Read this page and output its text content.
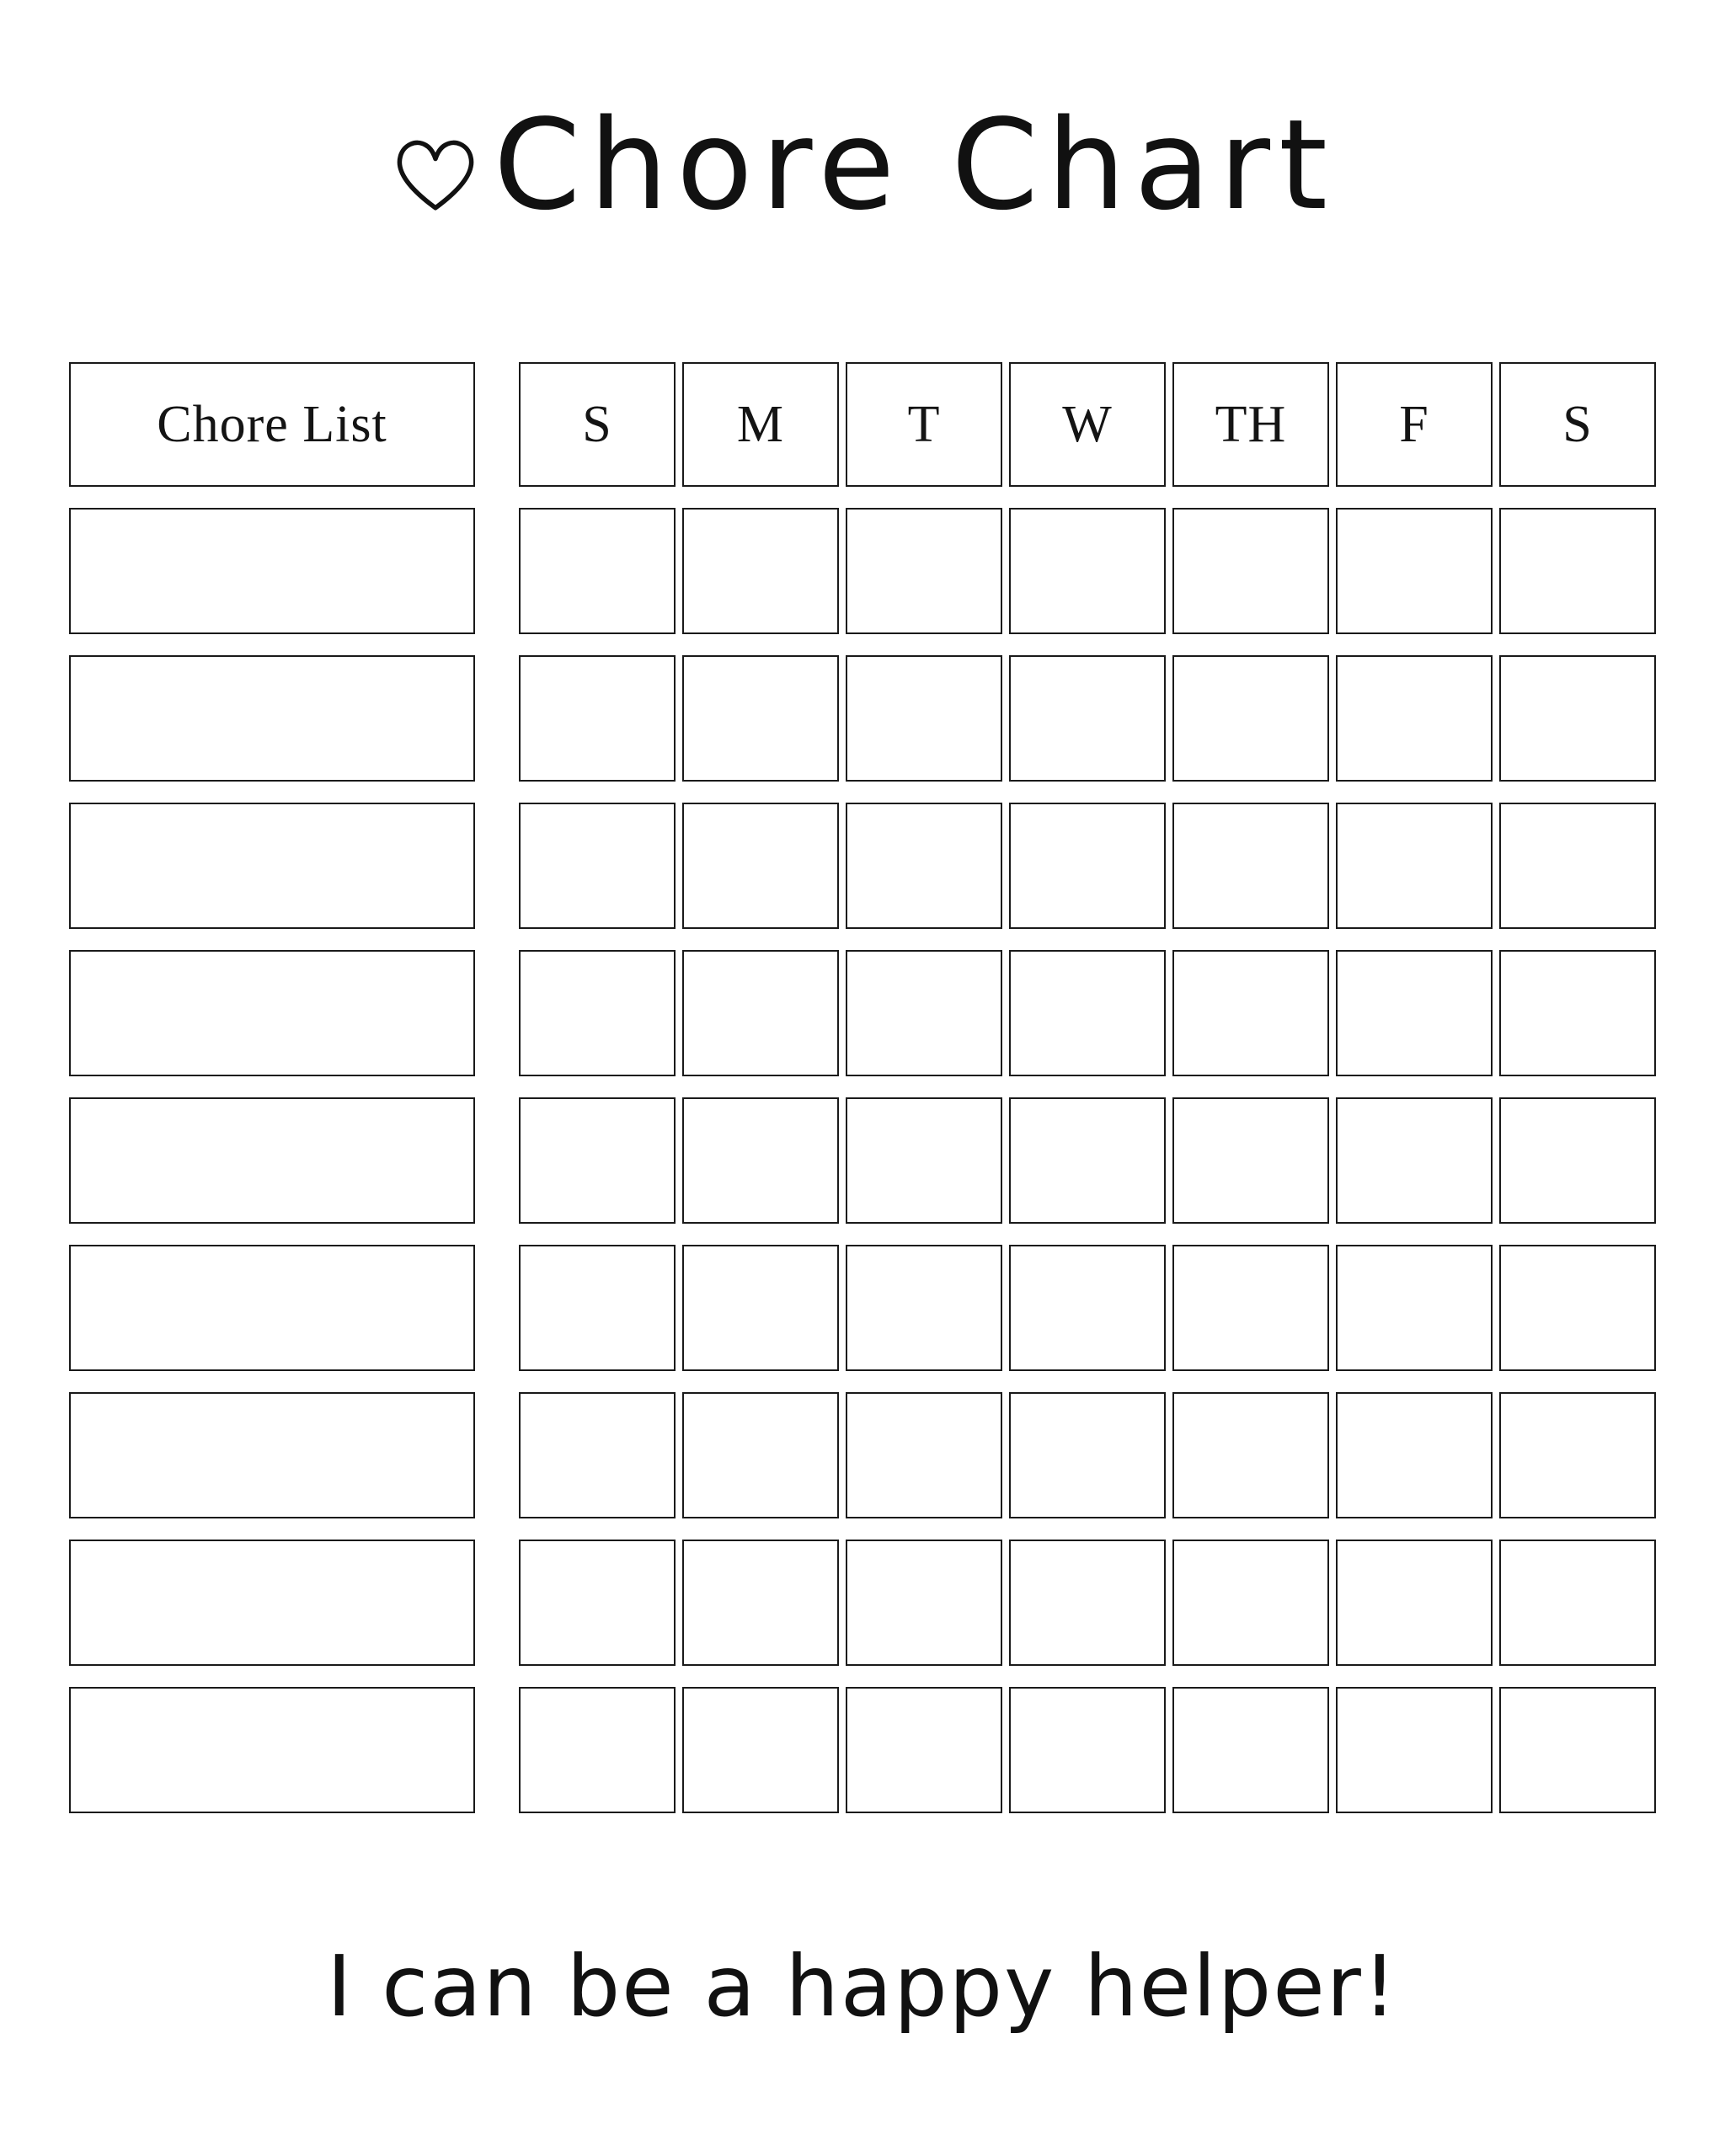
Chore Chart
Chore List	S M T W TH F	S
I can be a happy helper!
